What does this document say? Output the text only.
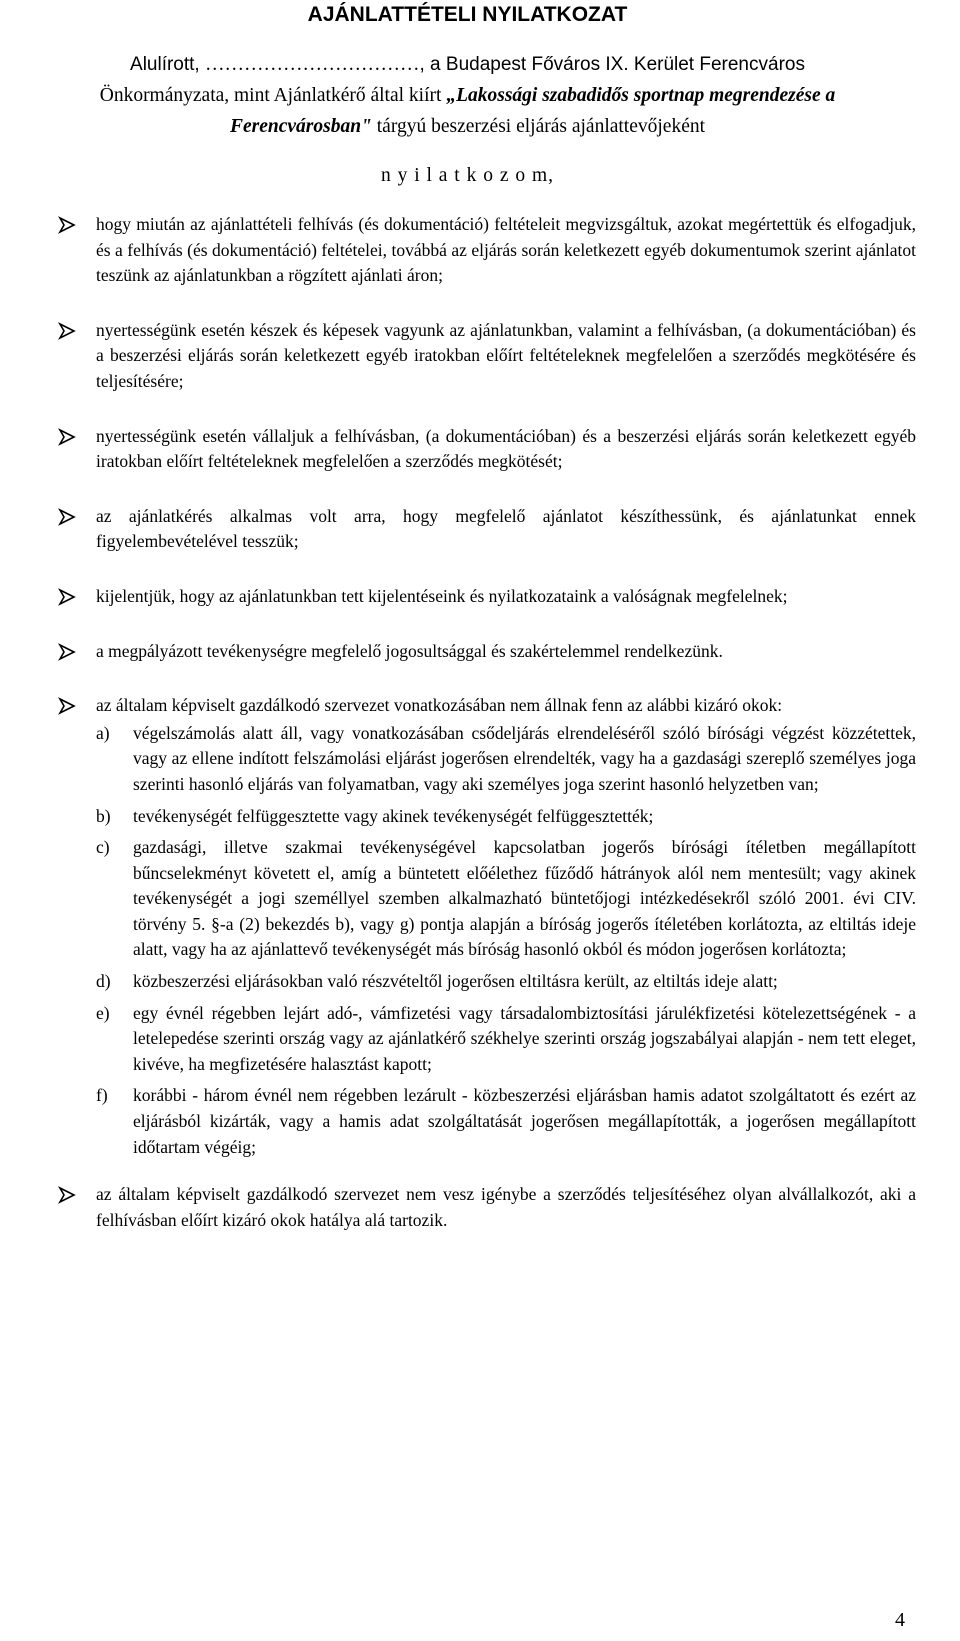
AJÁNLATTÉTELI NYILATKOZAT
Alulírott, ……………………………, a Budapest Főváros IX. Kerület Ferencváros
Önkormányzata, mint Ajánlatkérő által kiírt „Lakossági szabadidős sportnap megrendezése a
Ferencvárosban" tárgyú beszerzési eljárás ajánlattevőjeként
n y i l a t k o z o m,
hogy miután az ajánlattételi felhívás (és dokumentáció) feltételeit megvizsgáltuk, azokat megértettük és elfogadjuk, és a felhívás (és dokumentáció) feltételei, továbbá az eljárás során keletkezett egyéb dokumentumok szerint ajánlatot teszünk az ajánlatunkban a rögzített ajánlati áron;
nyertességünk esetén készek és képesek vagyunk az ajánlatunkban, valamint a felhívásban, (a dokumentációban) és a beszerzési eljárás során keletkezett egyéb iratokban előírt feltételeknek megfelelően a szerződés megkötésére és teljesítésére;
nyertességünk esetén vállaljuk a felhívásban, (a dokumentációban) és a beszerzési eljárás során keletkezett egyéb iratokban előírt feltételeknek megfelelően a szerződés megkötését;
az ajánlatkérés alkalmas volt arra, hogy megfelelő ajánlatot készíthessünk, és ajánlatunkat ennek figyelembevételével tesszük;
kijelentjük, hogy az ajánlatunkban tett kijelentéseink és nyilatkozataink a valóságnak megfelelnek;
a megpályázott tevékenységre megfelelő jogosultsággal és szakértelemmel rendelkezünk.
az általam képviselt gazdálkodó szervezet vonatkozásában nem állnak fenn az alábbi kizáró okok:
a) végelszámolás alatt áll, vagy vonatkozásában csődeljárás elrendeléséről szóló bírósági végzést közzétettek, vagy az ellene indított felszámolási eljárást jogerősen elrendelték, vagy ha a gazdasági szereplő személyes joga szerinti hasonló eljárás van folyamatban, vagy aki személyes joga szerint hasonló helyzetben van;
b) tevékenységét felfüggesztette vagy akinek tevékenységét felfüggesztették;
c) gazdasági, illetve szakmai tevékenységével kapcsolatban jogerős bírósági ítéletben megállapított bűncselekményt követett el, amíg a büntetett előélethez fűződő hátrányok alól nem mentesült; vagy akinek tevékenységét a jogi személlyel szemben alkalmazható büntetőjogi intézkedésekről szóló 2001. évi CIV. törvény 5. §-a (2) bekezdés b), vagy g) pontja alapján a bíróság jogerős ítéletében korlátozta, az eltiltás ideje alatt, vagy ha az ajánlattevő tevékenységét más bíróság hasonló okból és módon jogerősen korlátozta;
d) közbeszerzési eljárásokban való részvételtől jogerősen eltiltásra került, az eltiltás ideje alatt;
e) egy évnél régebben lejárt adó-, vámfizetési vagy társadalombiztosítási járulékfizetési kötelezettségének - a letelepedése szerinti ország vagy az ajánlatkérő székhelye szerinti ország jogszabályai alapján - nem tett eleget, kivéve, ha megfizetésére halasztást kapott;
f) korábbi - három évnél nem régebben lezárult - közbeszerzési eljárásban hamis adatot szolgáltatott és ezért az eljárásból kizárták, vagy a hamis adat szolgáltatását jogerősen megállapították, a jogerősen megállapított időtartam végéig;
az általam képviselt gazdálkodó szervezet nem vesz igénybe a szerződés teljesítéséhez olyan alvállalkozót, aki a felhívásban előírt kizáró okok hatálya alá tartozik.
4
